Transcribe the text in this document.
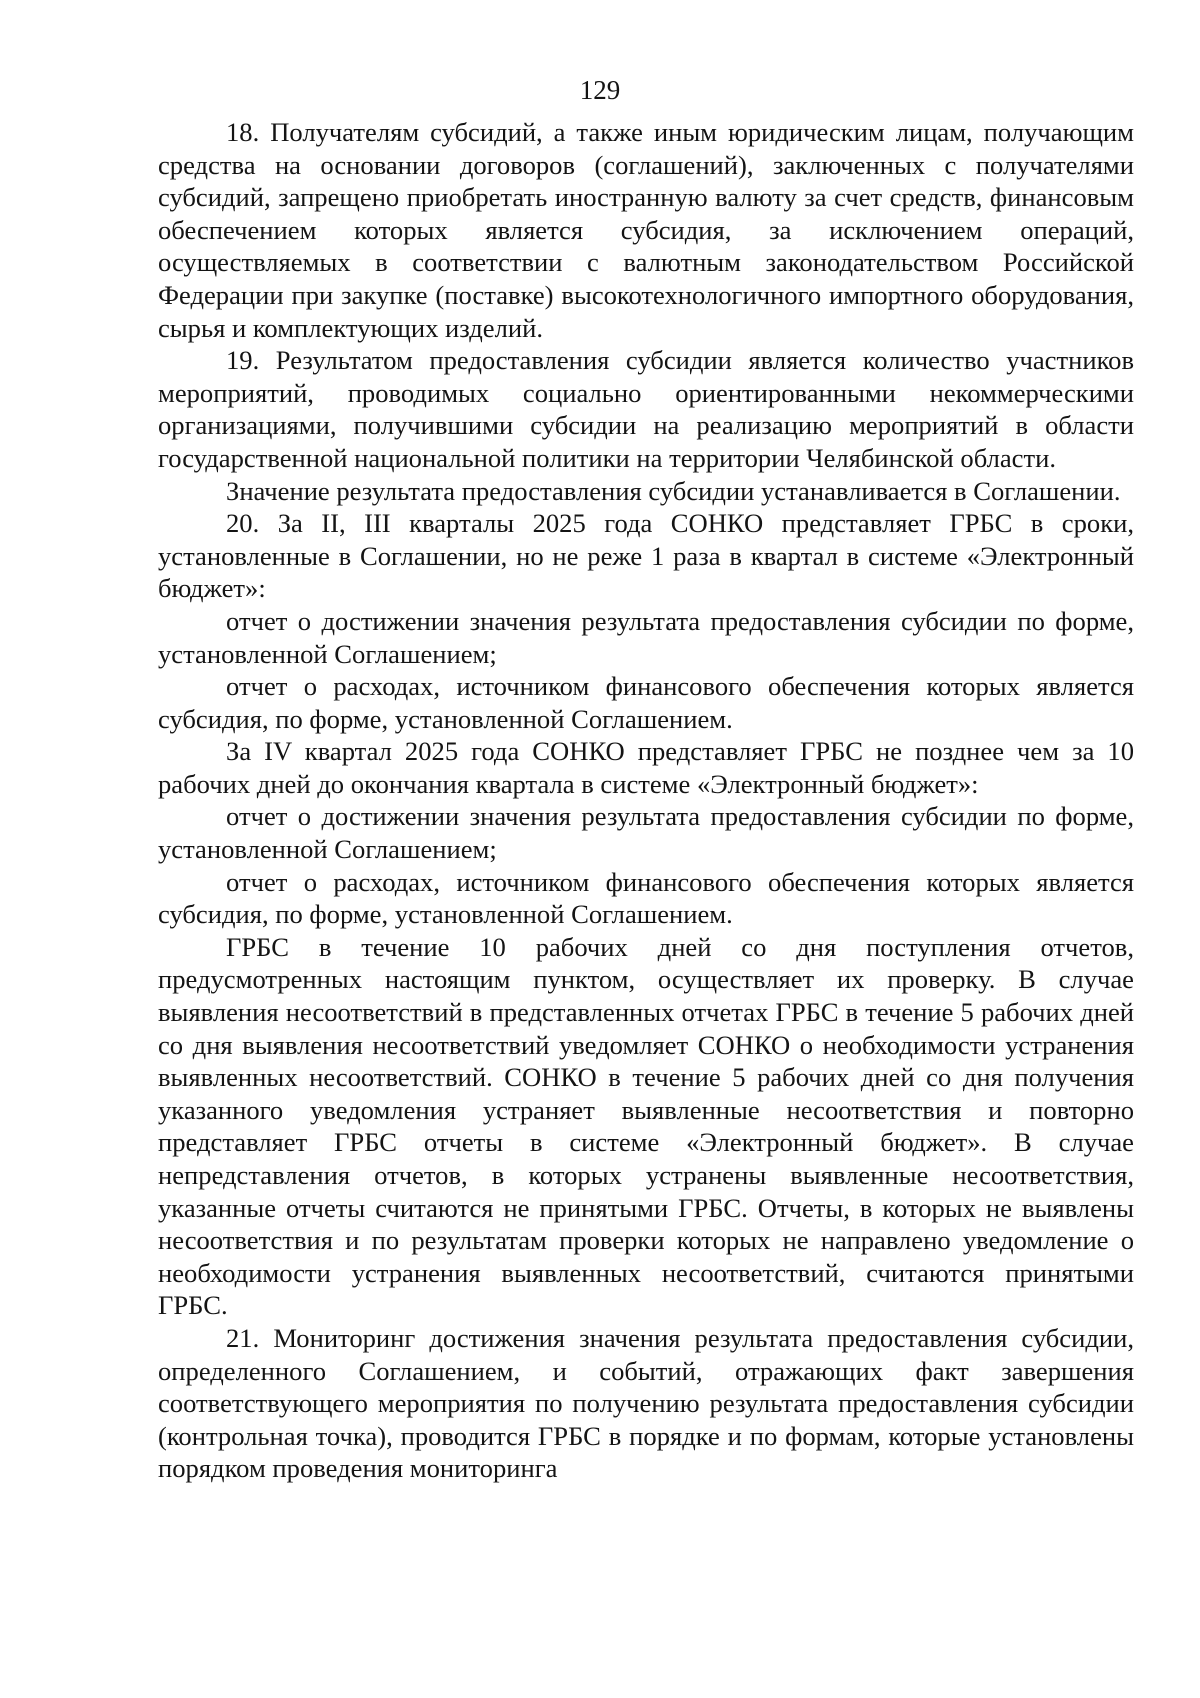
129

18. Получателям субсидий, а также иным юридическим лицам, получающим средства на основании договоров (соглашений), заключенных с получателями субсидий, запрещено приобретать иностранную валюту за счет средств, финансовым обеспечением которых является субсидия, за исключением операций, осуществляемых в соответствии с валютным законодательством Российской Федерации при закупке (поставке) высокотехнологичного импортного оборудования, сырья и комплектующих изделий.

19. Результатом предоставления субсидии является количество участников мероприятий, проводимых социально ориентированными некоммерческими организациями, получившими субсидии на реализацию мероприятий в области государственной национальной политики на территории Челябинской области.

Значение результата предоставления субсидии устанавливается в Соглашении.

20. За II, III кварталы 2025 года СОНКО представляет ГРБС в сроки, установленные в Соглашении, но не реже 1 раза в квартал в системе «Электронный бюджет»:

отчет о достижении значения результата предоставления субсидии по форме, установленной Соглашением;

отчет о расходах, источником финансового обеспечения которых является субсидия, по форме, установленной Соглашением.

За IV квартал 2025 года СОНКО представляет ГРБС не позднее чем за 10 рабочих дней до окончания квартала в системе «Электронный бюджет»:

отчет о достижении значения результата предоставления субсидии по форме, установленной Соглашением;

отчет о расходах, источником финансового обеспечения которых является субсидия, по форме, установленной Соглашением.

ГРБС в течение 10 рабочих дней со дня поступления отчетов, предусмотренных настоящим пунктом, осуществляет их проверку. В случае выявления несоответствий в представленных отчетах ГРБС в течение 5 рабочих дней со дня выявления несоответствий уведомляет СОНКО о необходимости устранения выявленных несоответствий. СОНКО в течение 5 рабочих дней со дня получения указанного уведомления устраняет выявленные несоответствия и повторно представляет ГРБС отчеты в системе «Электронный бюджет». В случае непредставления отчетов, в которых устранены выявленные несоответствия, указанные отчеты считаются не принятыми ГРБС. Отчеты, в которых не выявлены несоответствия и по результатам проверки которых не направлено уведомление о необходимости устранения выявленных несоответствий, считаются принятыми ГРБС.

21. Мониторинг достижения значения результата предоставления субсидии, определенного Соглашением, и событий, отражающих факт завершения соответствующего мероприятия по получению результата предоставления субсидии (контрольная точка), проводится ГРБС в порядке и по формам, которые установлены порядком проведения мониторинга
